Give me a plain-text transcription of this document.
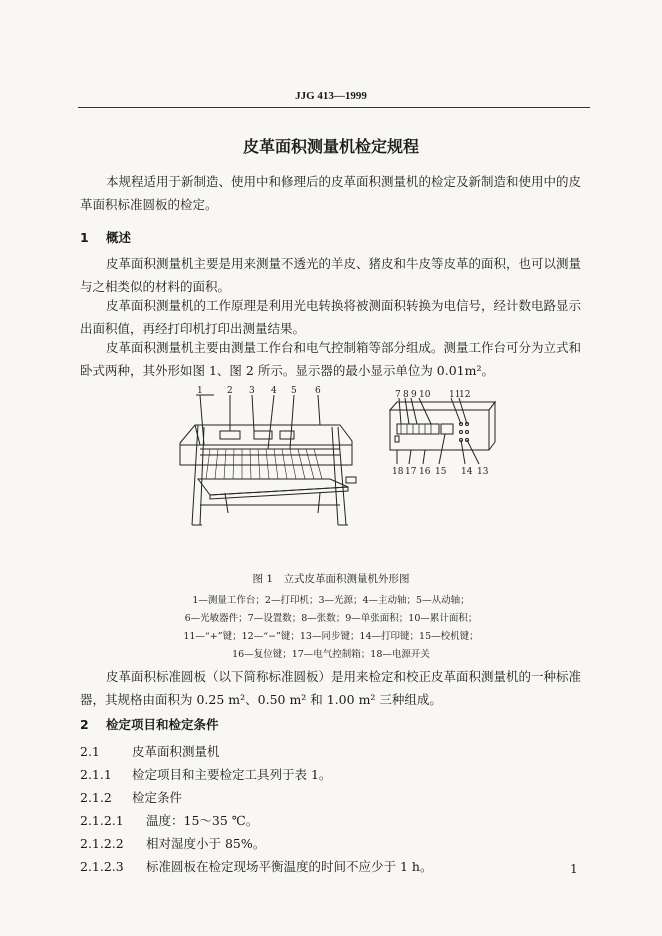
JJG 413—1999
皮革面积测量机检定规程

本规程适用于新制造、使用中和修理后的皮革面积测量机的检定及新制造和使用中的皮革面积标准圆板的检定。

1 概述

皮革面积测量机主要是用来测量不透光的羊皮、猪皮和牛皮等皮革的面积，也可以测量与之相类似的材料的面积。

皮革面积测量机的工作原理是利用光电转换将被测面积转换为电信号，经计数电路显示出面积值，再经打印机打印出测量结果。

皮革面积测量机主要由测量工作台和电气控制箱等部分组成。测量工作台可分为立式和卧式两种，其外形如图 1、图 2 所示。显示器的最小显示单位为 0.01m²。

1	2 3 4 5 6	7 8 9 10 11
12
18 17 16 15 14 13
图 1　立式皮革面积测量机外形图
1—测量工作台；2—打印机；3—光源；4—主动轴；5—从动轴；
6—光敏器件；7—设置数；8—张数；9—单张面积；10—累计面积；
11—“+”键；12—“−”键；13—同步键；14—打印键；15—校机键；
16—复位键；17—电气控制箱；18—电源开关

皮革面积标准圆板（以下简称标准圆板）是用来检定和校正皮革面积测量机的一种标准器，其规格由面积为 0.25 m²、0.50 m² 和 1.00 m² 三种组成。

2 检定项目和检定条件
2.1	皮革面积测量机
2.1.1 检定项目和主要检定工具列于表 1。
2.1.2 检定条件
2.1.2.1 温度：15～35 ℃。
2.1.2.2 相对湿度小于 85%。
2.1.2.3 标准圆板在检定现场平衡温度的时间不应少于 1 h。	1
